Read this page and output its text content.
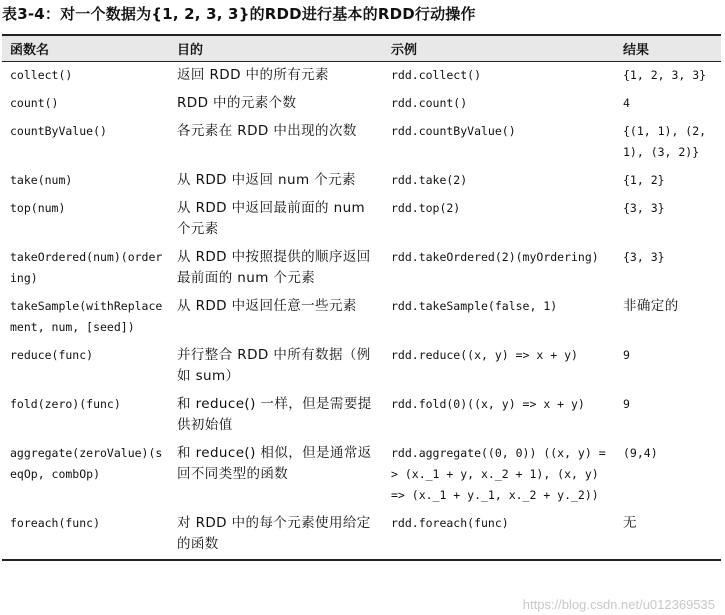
表3-4：对一个数据为{1, 2, 3, 3}的RDD进行基本的RDD行动操作
函数名	目的	示例	结果
collect()	返回 RDD 中的所有元素	rdd.collect()	{1, 2, 3, 3}
count()	RDD 中的元素个数	rdd.count()	4
countByValue()	各元素在 RDD 中出现的次数	rdd.countByValue()	{(1, 1), (2, 1), (3, 2)}
take(num)	从 RDD 中返回 num 个元素	rdd.take(2)	{1, 2}
top(num)	从 RDD 中返回最前面的 num 个元素	rdd.top(2)	{3, 3}
takeOrdered(num)(ordering)	从 RDD 中按照提供的顺序返回最前面的 num 个元素	rdd.takeOrdered(2)(myOrdering)	{3, 3}
takeSample(withReplacement, num, [seed])	从 RDD 中返回任意一些元素	rdd.takeSample(false, 1)	非确定的
reduce(func)	并行整合 RDD 中所有数据（例如 sum）	rdd.reduce((x, y) => x + y)	9
fold(zero)(func)	和 reduce() 一样，但是需要提供初始值	rdd.fold(0)((x, y) => x + y)	9
aggregate(zeroValue)(seqOp, combOp)	和 reduce() 相似，但是通常返回不同类型的函数	rdd.aggregate((0, 0)) ((x, y) => (x._1 + y, x._2 + 1), (x, y) => (x._1 + y._1, x._2 + y._2))	(9,4)
foreach(func)	对 RDD 中的每个元素使用给定的函数	rdd.foreach(func)	无
https://blog.csdn.net/u012369535
